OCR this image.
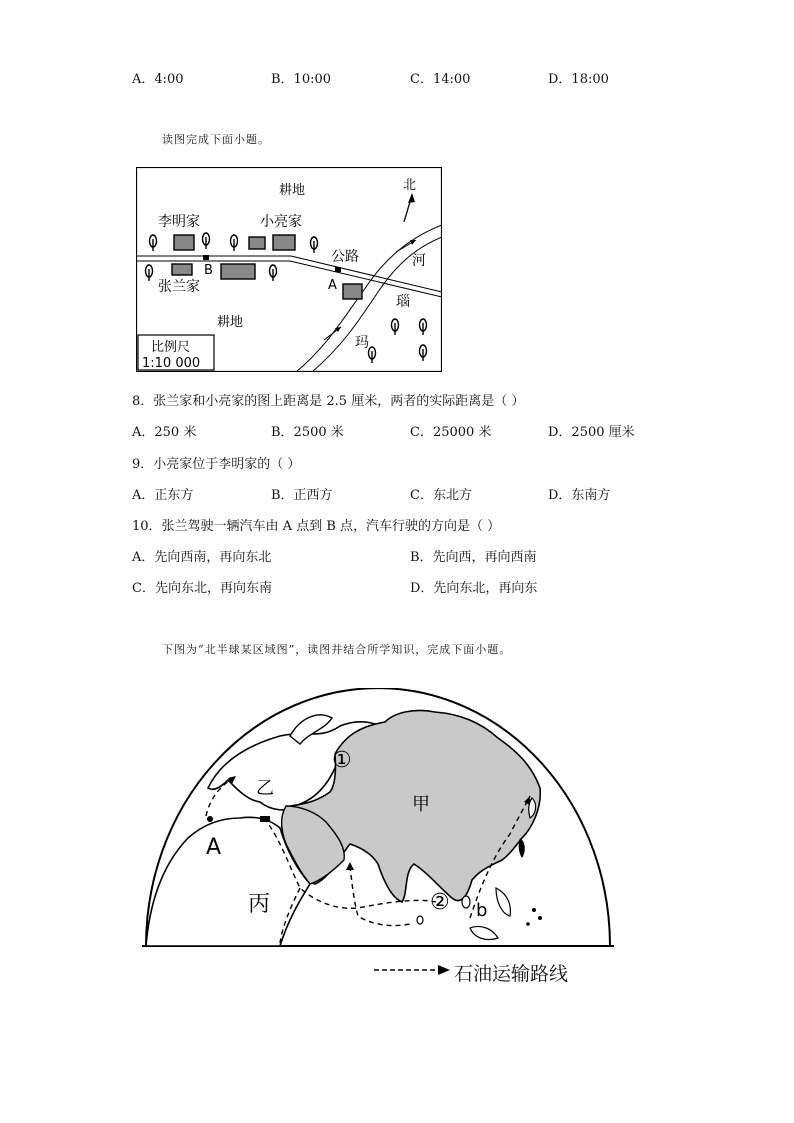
A．4:00	B．10:00	C．14:00	D．18:00
读图完成下面小题。
耕地
耕地
北
李明家	小亮家
张兰家
公路
A
B
河
瑙
玛
比例尺
1:10 000
8．张兰家和小亮家的图上距离是 2.5 厘米，两者的实际距离是（ ）
A．250 米	B．2500 米	C．25000 米	D．2500 厘米
9．小亮家位于李明家的（ ）
A．正东方	B．正西方	C．东北方	D．东南方
10．张兰驾驶一辆汽车由 A 点到 B 点，汽车行驶的方向是（ ）
A．先向西南，再向东北	B．先向西，再向西南
C．先向东北，再向东南	D．先向东北，再向东
下图为“北半球某区域图”，读图并结合所学知识，完成下面小题。
甲
乙
丙
①
②
A
b
石油运输路线
